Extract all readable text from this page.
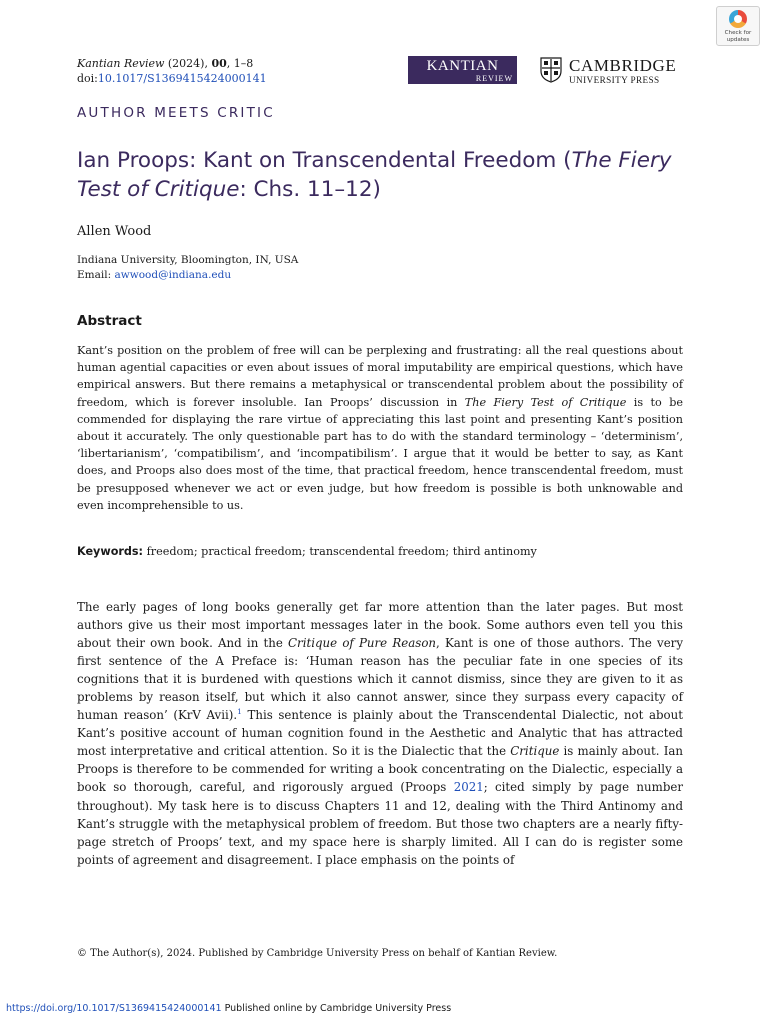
Kantian Review (2024), 00, 1–8
doi:10.1017/S1369415424000141
KANTIAN
REVIEW
CAMBRIDGE
UNIVERSITY PRESS
Check for
updates
AUTHOR MEETS CRITIC
Ian Proops: Kant on Transcendental Freedom (The Fiery Test of Critique: Chs. 11–12)
Allen Wood
Indiana University, Bloomington, IN, USA
Email: awwood@indiana.edu
Abstract
Kant’s position on the problem of free will can be perplexing and frustrating: all the real questions about human agential capacities or even about issues of moral imputability are empirical questions, which have empirical answers. But there remains a metaphysical or transcendental problem about the possibility of freedom, which is forever insoluble. Ian Proops’ discussion in The Fiery Test of Critique is to be commended for displaying the rare virtue of appreciating this last point and presenting Kant’s position about it accurately. The only questionable part has to do with the standard terminology – ‘determinism’, ‘libertarianism’, ‘compatibilism’, and ‘incompatibilism’. I argue that it would be better to say, as Kant does, and Proops also does most of the time, that practical freedom, hence transcendental freedom, must be presupposed whenever we act or even judge, but how freedom is possible is both unknowable and even incomprehensible to us.
Keywords: freedom; practical freedom; transcendental freedom; third antinomy
The early pages of long books generally get far more attention than the later pages. But most authors give us their most important messages later in the book. Some authors even tell you this about their own book. And in the Critique of Pure Reason, Kant is one of those authors. The very first sentence of the A Preface is: ‘Human reason has the peculiar fate in one species of its cognitions that it is burdened with questions which it cannot dismiss, since they are given to it as problems by reason itself, but which it also cannot answer, since they surpass every capacity of human reason’ (KrV Avii).$^1$ This sentence is plainly about the Transcendental Dialectic, not about Kant’s positive account of human cognition found in the Aesthetic and Analytic that has attracted most interpretative and critical attention. So it is the Dialectic that the Critique is mainly about. Ian Proops is therefore to be commended for writing a book concentrating on the Dialectic, especially a book so thorough, careful, and rigorously argued (Proops 2021; cited simply by page number throughout). My task here is to discuss Chapters 11 and 12, dealing with the Third Antinomy and Kant’s struggle with the metaphysical problem of freedom. But those two chapters are a nearly fifty-page stretch of Proops’ text, and my space here is sharply limited. All I can do is register some points of agreement and disagreement. I place emphasis on the points of
© The Author(s), 2024. Published by Cambridge University Press on behalf of Kantian Review.
https://doi.org/10.1017/S1369415424000141 Published online by Cambridge University Press
